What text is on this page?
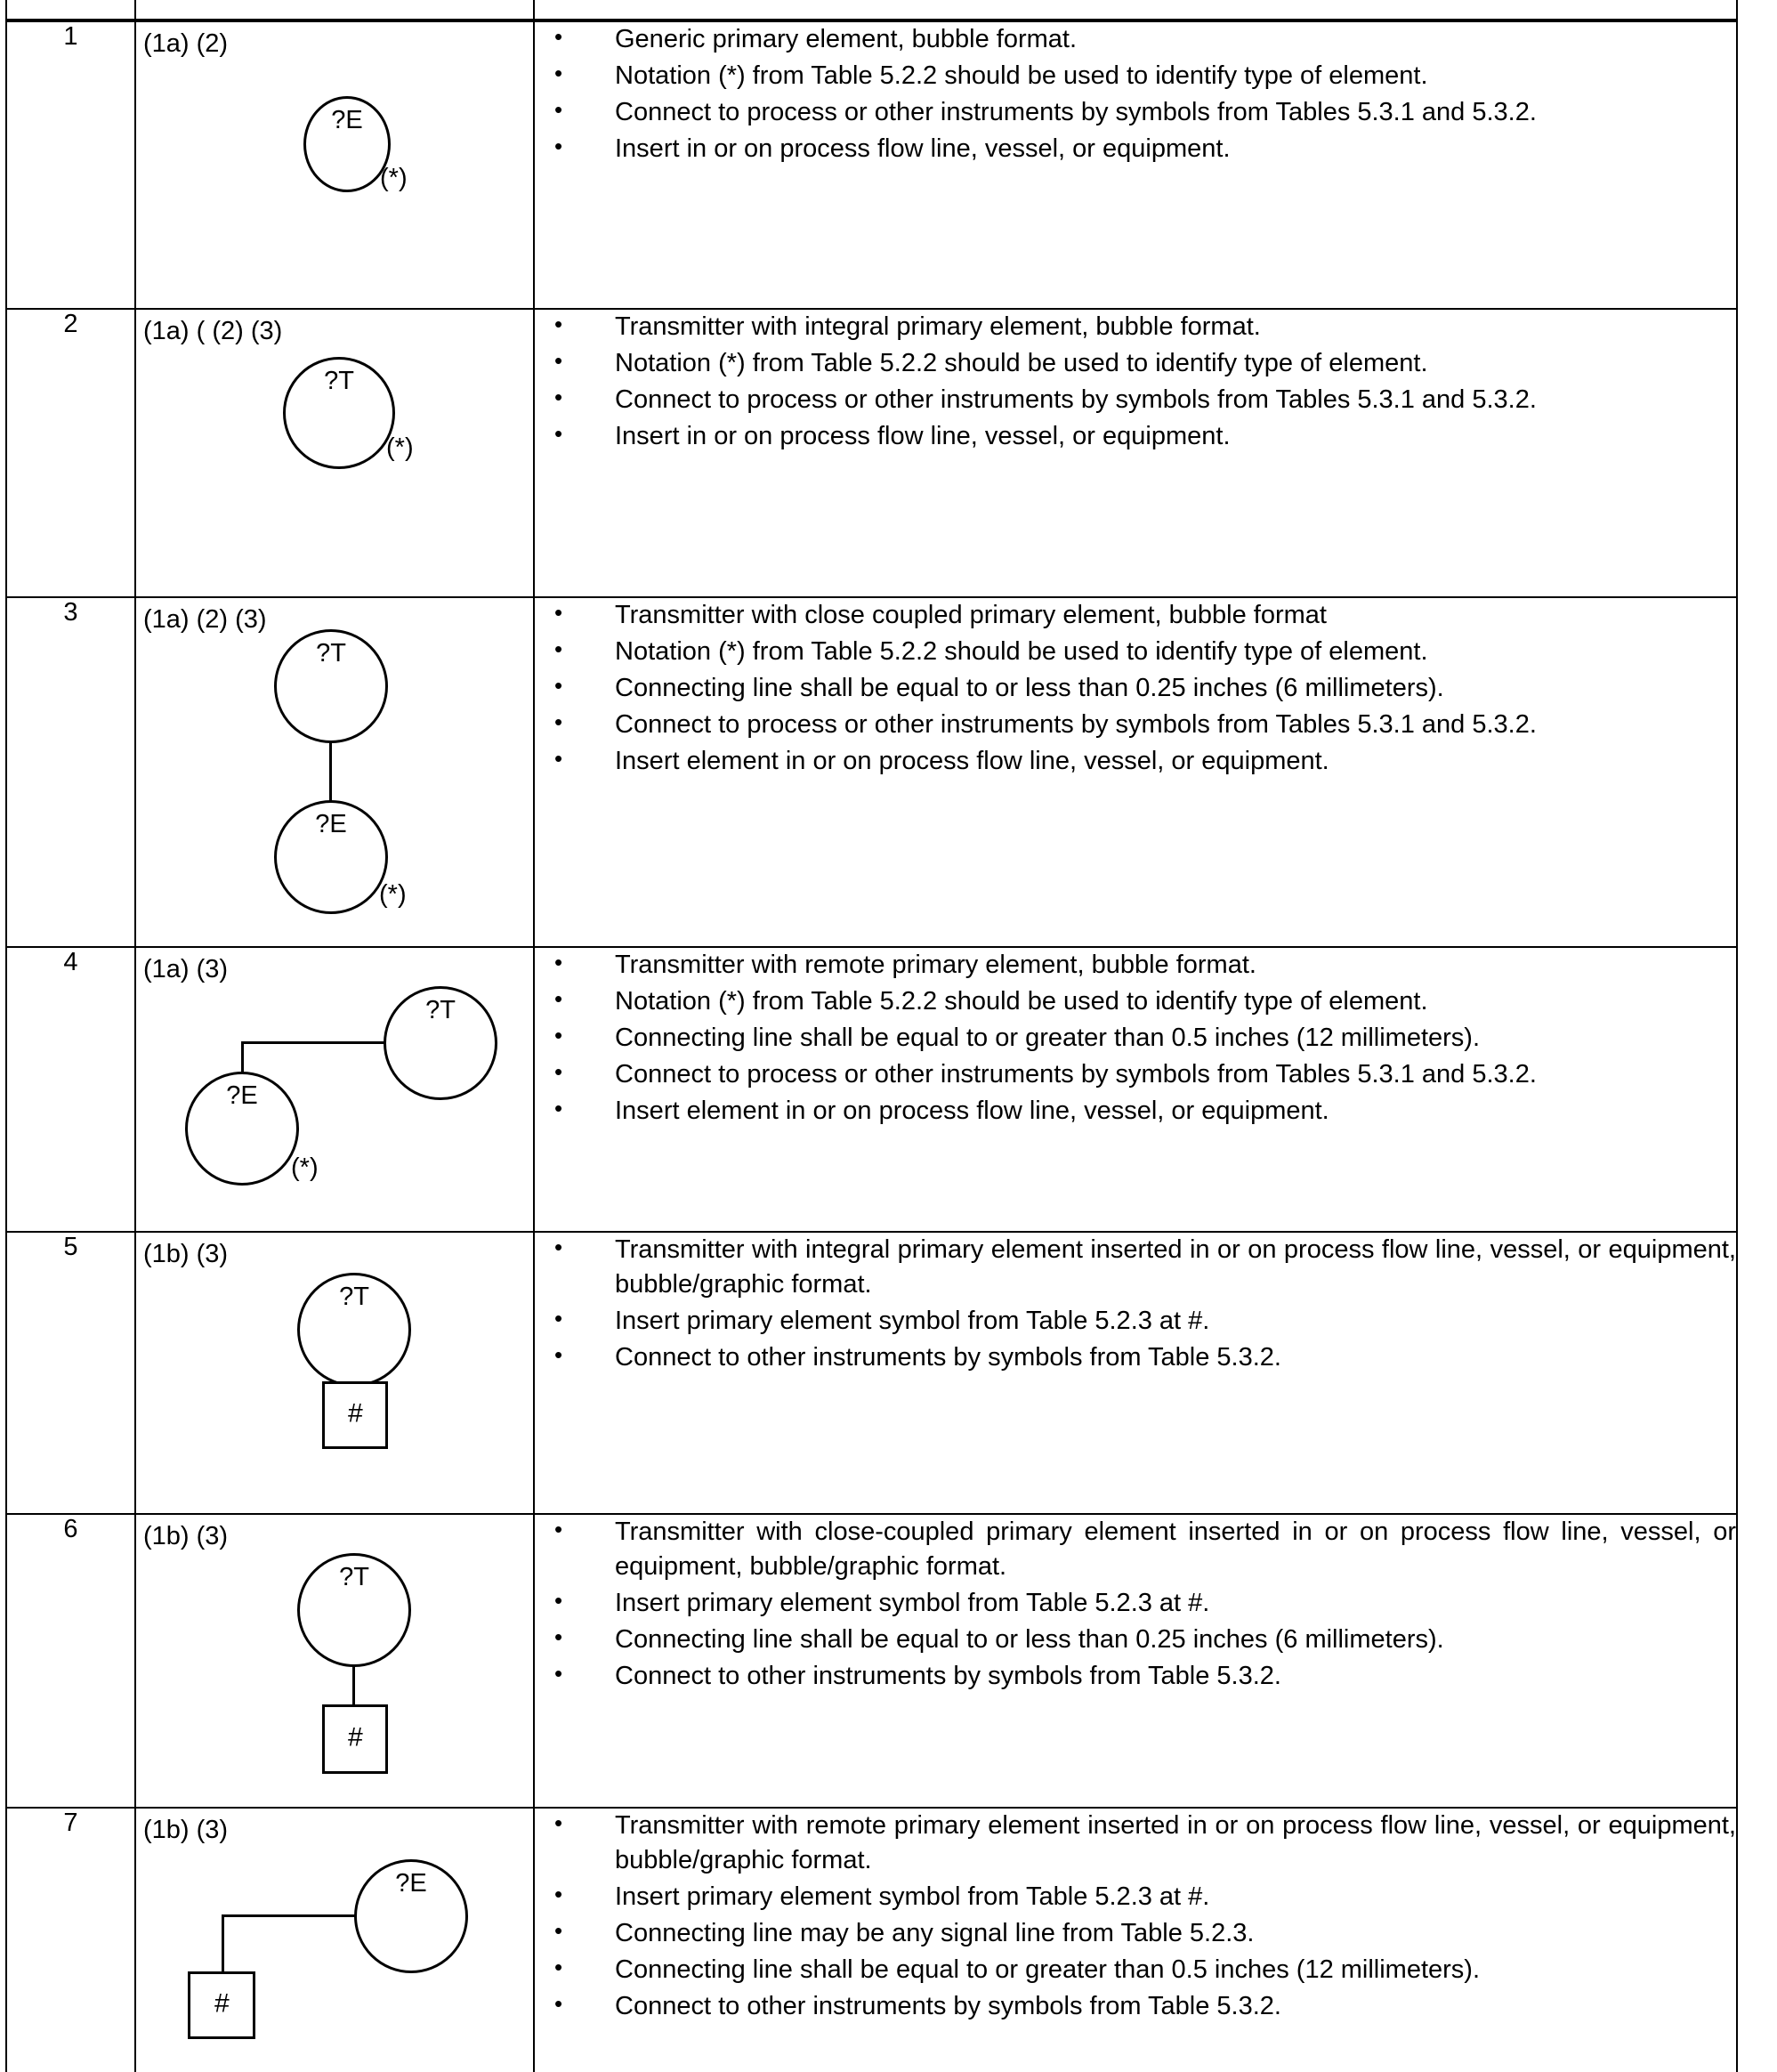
1	(1a) (2)
?E
(*)

• Generic primary element, bubble format.
• Notation (*) from Table 5.2.2 should be used to identify type of element.
• Connect to process or other instruments by symbols from Tables 5.3.1 and 5.3.2.
• Insert in or on process flow line, vessel, or equipment.

2	(1a) ( (2) (3)
?T
(*)

• Transmitter with integral primary element, bubble format.
• Notation (*) from Table 5.2.2 should be used to identify type of element.
• Connect to process or other instruments by symbols from Tables 5.3.1 and 5.3.2.
• Insert in or on process flow line, vessel, or equipment.

3	(1a) (2) (3)
?T
?E
(*)

• Transmitter with close coupled primary element, bubble format
• Notation (*) from Table 5.2.2 should be used to identify type of element.
• Connecting line shall be equal to or less than 0.25 inches (6 millimeters).
• Connect to process or other instruments by symbols from Tables 5.3.1 and 5.3.2.
• Insert element in or on process flow line, vessel, or equipment.

4	(1a) (3)
?T
?E
(*)

• Transmitter with remote primary element, bubble format.
• Notation (*) from Table 5.2.2 should be used to identify type of element.
• Connecting line shall be equal to or greater than 0.5 inches (12 millimeters).
• Connect to process or other instruments by symbols from Tables 5.3.1 and 5.3.2.
• Insert element in or on process flow line, vessel, or equipment.

5	(1b) (3)
?T
#

• Transmitter with integral primary element inserted in or on process flow line, vessel, or equipment, bubble/graphic format.
• Insert primary element symbol from Table 5.2.3 at #.
• Connect to other instruments by symbols from Table 5.3.2.

6	(1b) (3)
?T
#

• Transmitter with close-coupled primary element inserted in or on process flow line, vessel, or equipment, bubble/graphic format.
• Insert primary element symbol from Table 5.2.3 at #.
• Connecting line shall be equal to or less than 0.25 inches (6 millimeters).
• Connect to other instruments by symbols from Table 5.3.2.

7	(1b) (3)
?E
#

• Transmitter with remote primary element inserted in or on process flow line, vessel, or equipment, bubble/graphic format.
• Insert primary element symbol from Table 5.2.3 at #.
• Connecting line may be any signal line from Table 5.2.3.
• Connecting line shall be equal to or greater than 0.5 inches (12 millimeters).
• Connect to other instruments by symbols from Table 5.3.2.
